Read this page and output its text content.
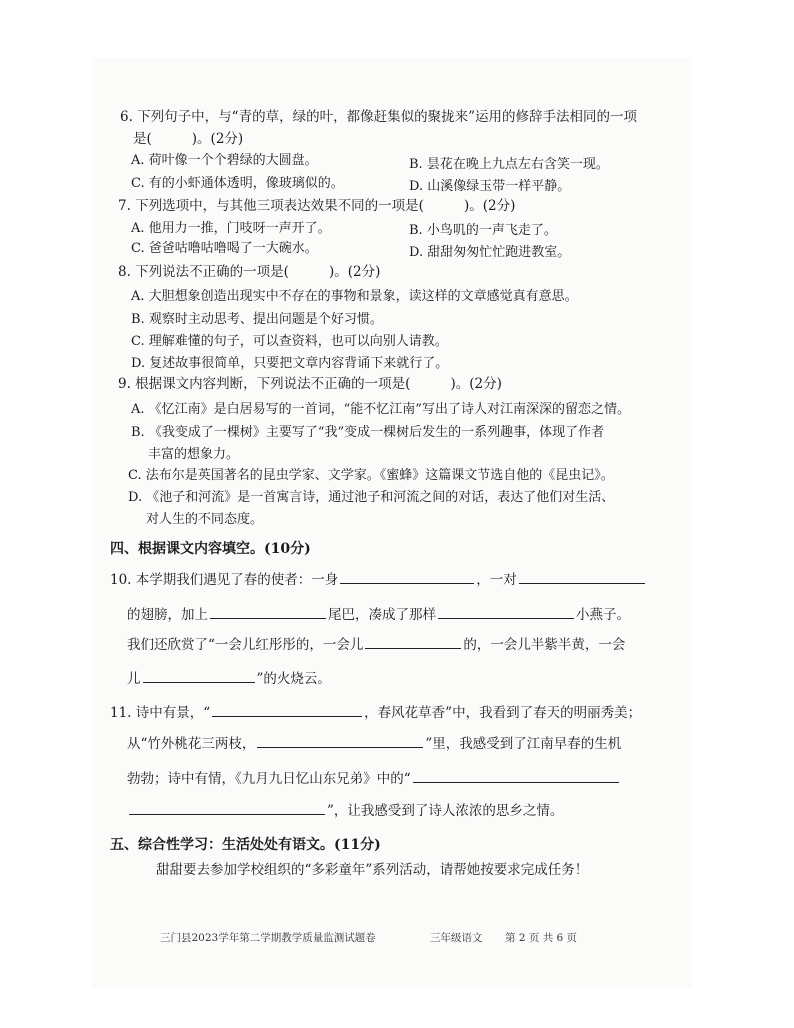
6. 下列句子中，与“青的草，绿的叶，都像赶集似的聚拢来”运用的修辞手法相同的一项
是(	)。(2分)
A. 荷叶像一个个碧绿的大圆盘。	B. 昙花在晚上九点左右含笑一现。
C. 有的小虾通体透明，像玻璃似的。	D. 山溪像绿玉带一样平静。
7. 下列选项中，与其他三项表达效果不同的一项是(	)。(2分)
A. 他用力一推，门吱呀一声开了。	B. 小鸟叽的一声飞走了。
C. 爸爸咕噜咕噜喝了一大碗水。	D. 甜甜匆匆忙忙跑进教室。
8. 下列说法不正确的一项是(	)。(2分)
A. 大胆想象创造出现实中不存在的事物和景象，读这样的文章感觉真有意思。
B. 观察时主动思考、提出问题是个好习惯。
C. 理解难懂的句子，可以查资料，也可以向别人请教。
D. 复述故事很简单，只要把文章内容背诵下来就行了。
9. 根据课文内容判断，下列说法不正确的一项是(	)。(2分)
A. 《忆江南》是白居易写的一首词，“能不忆江南”写出了诗人对江南深深的留恋之情。
B. 《我变成了一棵树》主要写了“我”变成一棵树后发生的一系列趣事，体现了作者
丰富的想象力。
C. 法布尔是英国著名的昆虫学家、文学家。《蜜蜂》这篇课文节选自他的《昆虫记》。
D. 《池子和河流》是一首寓言诗，通过池子和河流之间的对话，表达了他们对生活、
对人生的不同态度。
四、根据课文内容填空。(10分)
10. 本学期我们遇见了春的使者：一身	，一对
的翅膀，加上	尾巴，凑成了那样	小燕子。
我们还欣赏了“一会儿红彤彤的，一会儿	的，一会儿半紫半黄，一会
儿	”的火烧云。
11. 诗中有景，“	，春风花草香”中，我看到了春天的明丽秀美；
从“竹外桃花三两枝，	”里，我感受到了江南早春的生机
勃勃；诗中有情，《九月九日忆山东兄弟》中的“
”，让我感受到了诗人浓浓的思乡之情。
五、综合性学习：生活处处有语文。(11分)
甜甜要去参加学校组织的“多彩童年”系列活动，请帮她按要求完成任务！
三门县2023学年第二学期教学质量监测试题卷	三年级语文 第 2 页 共 6 页
